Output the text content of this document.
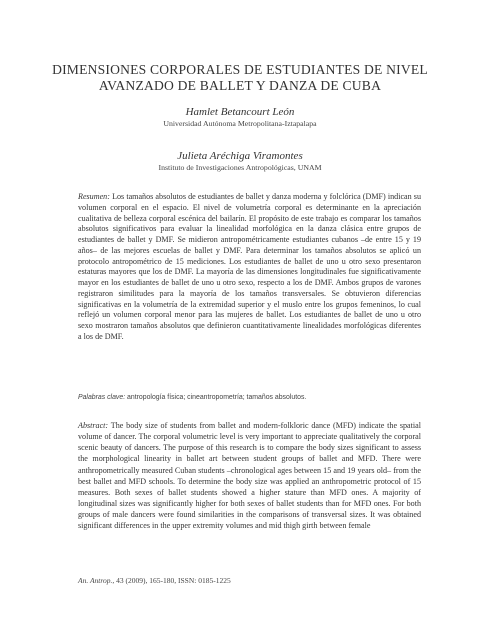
DIMENSIONES CORPORALES DE ESTUDIANTES DE NIVEL
AVANZADO DE BALLET Y DANZA DE CUBA
Hamlet Betancourt León
Universidad Autónoma Metropolitana-Iztapalapa
Julieta Aréchiga Viramontes
Instituto de Investigaciones Antropológicas, UNAM
Resumen: Los tamaños absolutos de estudiantes de ballet y danza moderna y folclórica (DMF) indican su volumen corporal en el espacio. El nivel de volumetría corporal es determinante en la apreciación cualitativa de belleza corporal escénica del bailarín. El propósito de este trabajo es comparar los tamaños absolutos significativos para evaluar la linealidad morfológica en la danza clásica entre grupos de estudiantes de ballet y DMF. Se midieron antropométricamente estudiantes cubanos –de entre 15 y 19 años– de las mejores escuelas de ballet y DMF. Para determinar los tamaños absolutos se aplicó un protocolo antropométrico de 15 mediciones. Los estudiantes de ballet de uno u otro sexo presentaron estaturas mayores que los de DMF. La mayoría de las dimensiones longitudinales fue significativamente mayor en los estudiantes de ballet de uno u otro sexo, respecto a los de DMF. Ambos grupos de varones registraron similitudes para la mayoría de los tamaños transversales. Se obtuvieron diferencias significativas en la volumetría de la extremidad superior y el muslo entre los grupos femeninos, lo cual reflejó un volumen corporal menor para las mujeres de ballet. Los estudiantes de ballet de uno u otro sexo mostraron tamaños absolutos que definieron cuantitativamente linealidades morfológicas diferentes a los de DMF.
Palabras clave: antropología física; cineantropometría; tamaños absolutos.
Abstract: The body size of students from ballet and modern-folkloric dance (MFD) indicate the spatial volume of dancer. The corporal volumetric level is very important to appreciate qualitatively the corporal scenic beauty of dancers. The purpose of this research is to compare the body sizes significant to assess the morphological linearity in ballet art between student groups of ballet and MFD. There were anthropometrically measured Cuban students –chronological ages between 15 and 19 years old– from the best ballet and MFD schools. To determine the body size was applied an anthropometric protocol of 15 measures. Both sexes of ballet students showed a higher stature than MFD ones. A majority of longitudinal sizes was significantly higher for both sexes of ballet students than for MFD ones. For both groups of male dancers were found similarities in the comparisons of transversal sizes. It was obtained significant differences in the upper extremity volumes and mid thigh girth between female
An. Antrop., 43 (2009), 165-180, ISSN: 0185-1225
